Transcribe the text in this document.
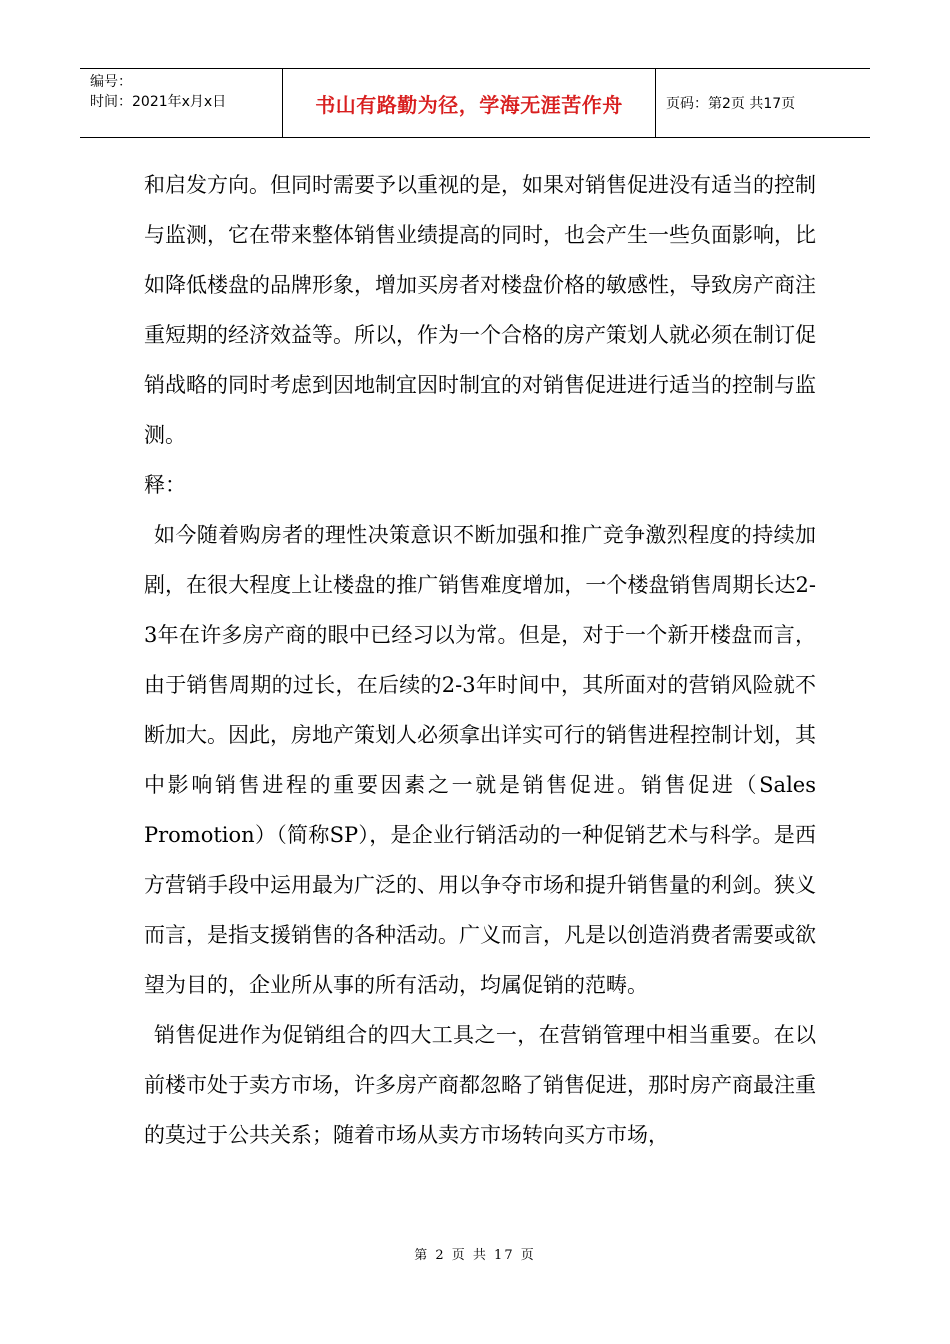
编号：
时间：2021年x月x日	书山有路勤为径，学海无涯苦作舟	页码：第2页 共17页

和启发方向。但同时需要予以重视的是，如果对销售促进没有适当的控制与监测，它在带来整体销售业绩提高的同时，也会产生一些负面影响，比如降低楼盘的品牌形象，增加买房者对楼盘价格的敏感性，导致房产商注重短期的经济效益等。所以，作为一个合格的房产策划人就必须在制订促销战略的同时考虑到因地制宜因时制宜的对销售促进进行适当的控制与监测。

释：

如今随着购房者的理性决策意识不断加强和推广竞争激烈程度的持续加剧，在很大程度上让楼盘的推广销售难度增加，一个楼盘销售周期长达2-3年在许多房产商的眼中已经习以为常。但是，对于一个新开楼盘而言，由于销售周期的过长，在后续的2-3年时间中，其所面对的营销风险就不断加大。因此，房地产策划人必须拿出详实可行的销售进程控制计划，其中影响销售进程的重要因素之一就是销售促进。销售促进（Sales Promotion）（简称SP），是企业行销活动的一种促销艺术与科学。是西方营销手段中运用最为广泛的、用以争夺市场和提升销售量的利剑。狭义而言，是指支援销售的各种活动。广义而言，凡是以创造消费者需要或欲望为目的，企业所从事的所有活动，均属促销的范畴。

销售促进作为促销组合的四大工具之一，在营销管理中相当重要。在以前楼市处于卖方市场，许多房产商都忽略了销售促进，那时房产商最注重的莫过于公共关系；随着市场从卖方市场转向买方市场，

第 2 页 共 17 页
